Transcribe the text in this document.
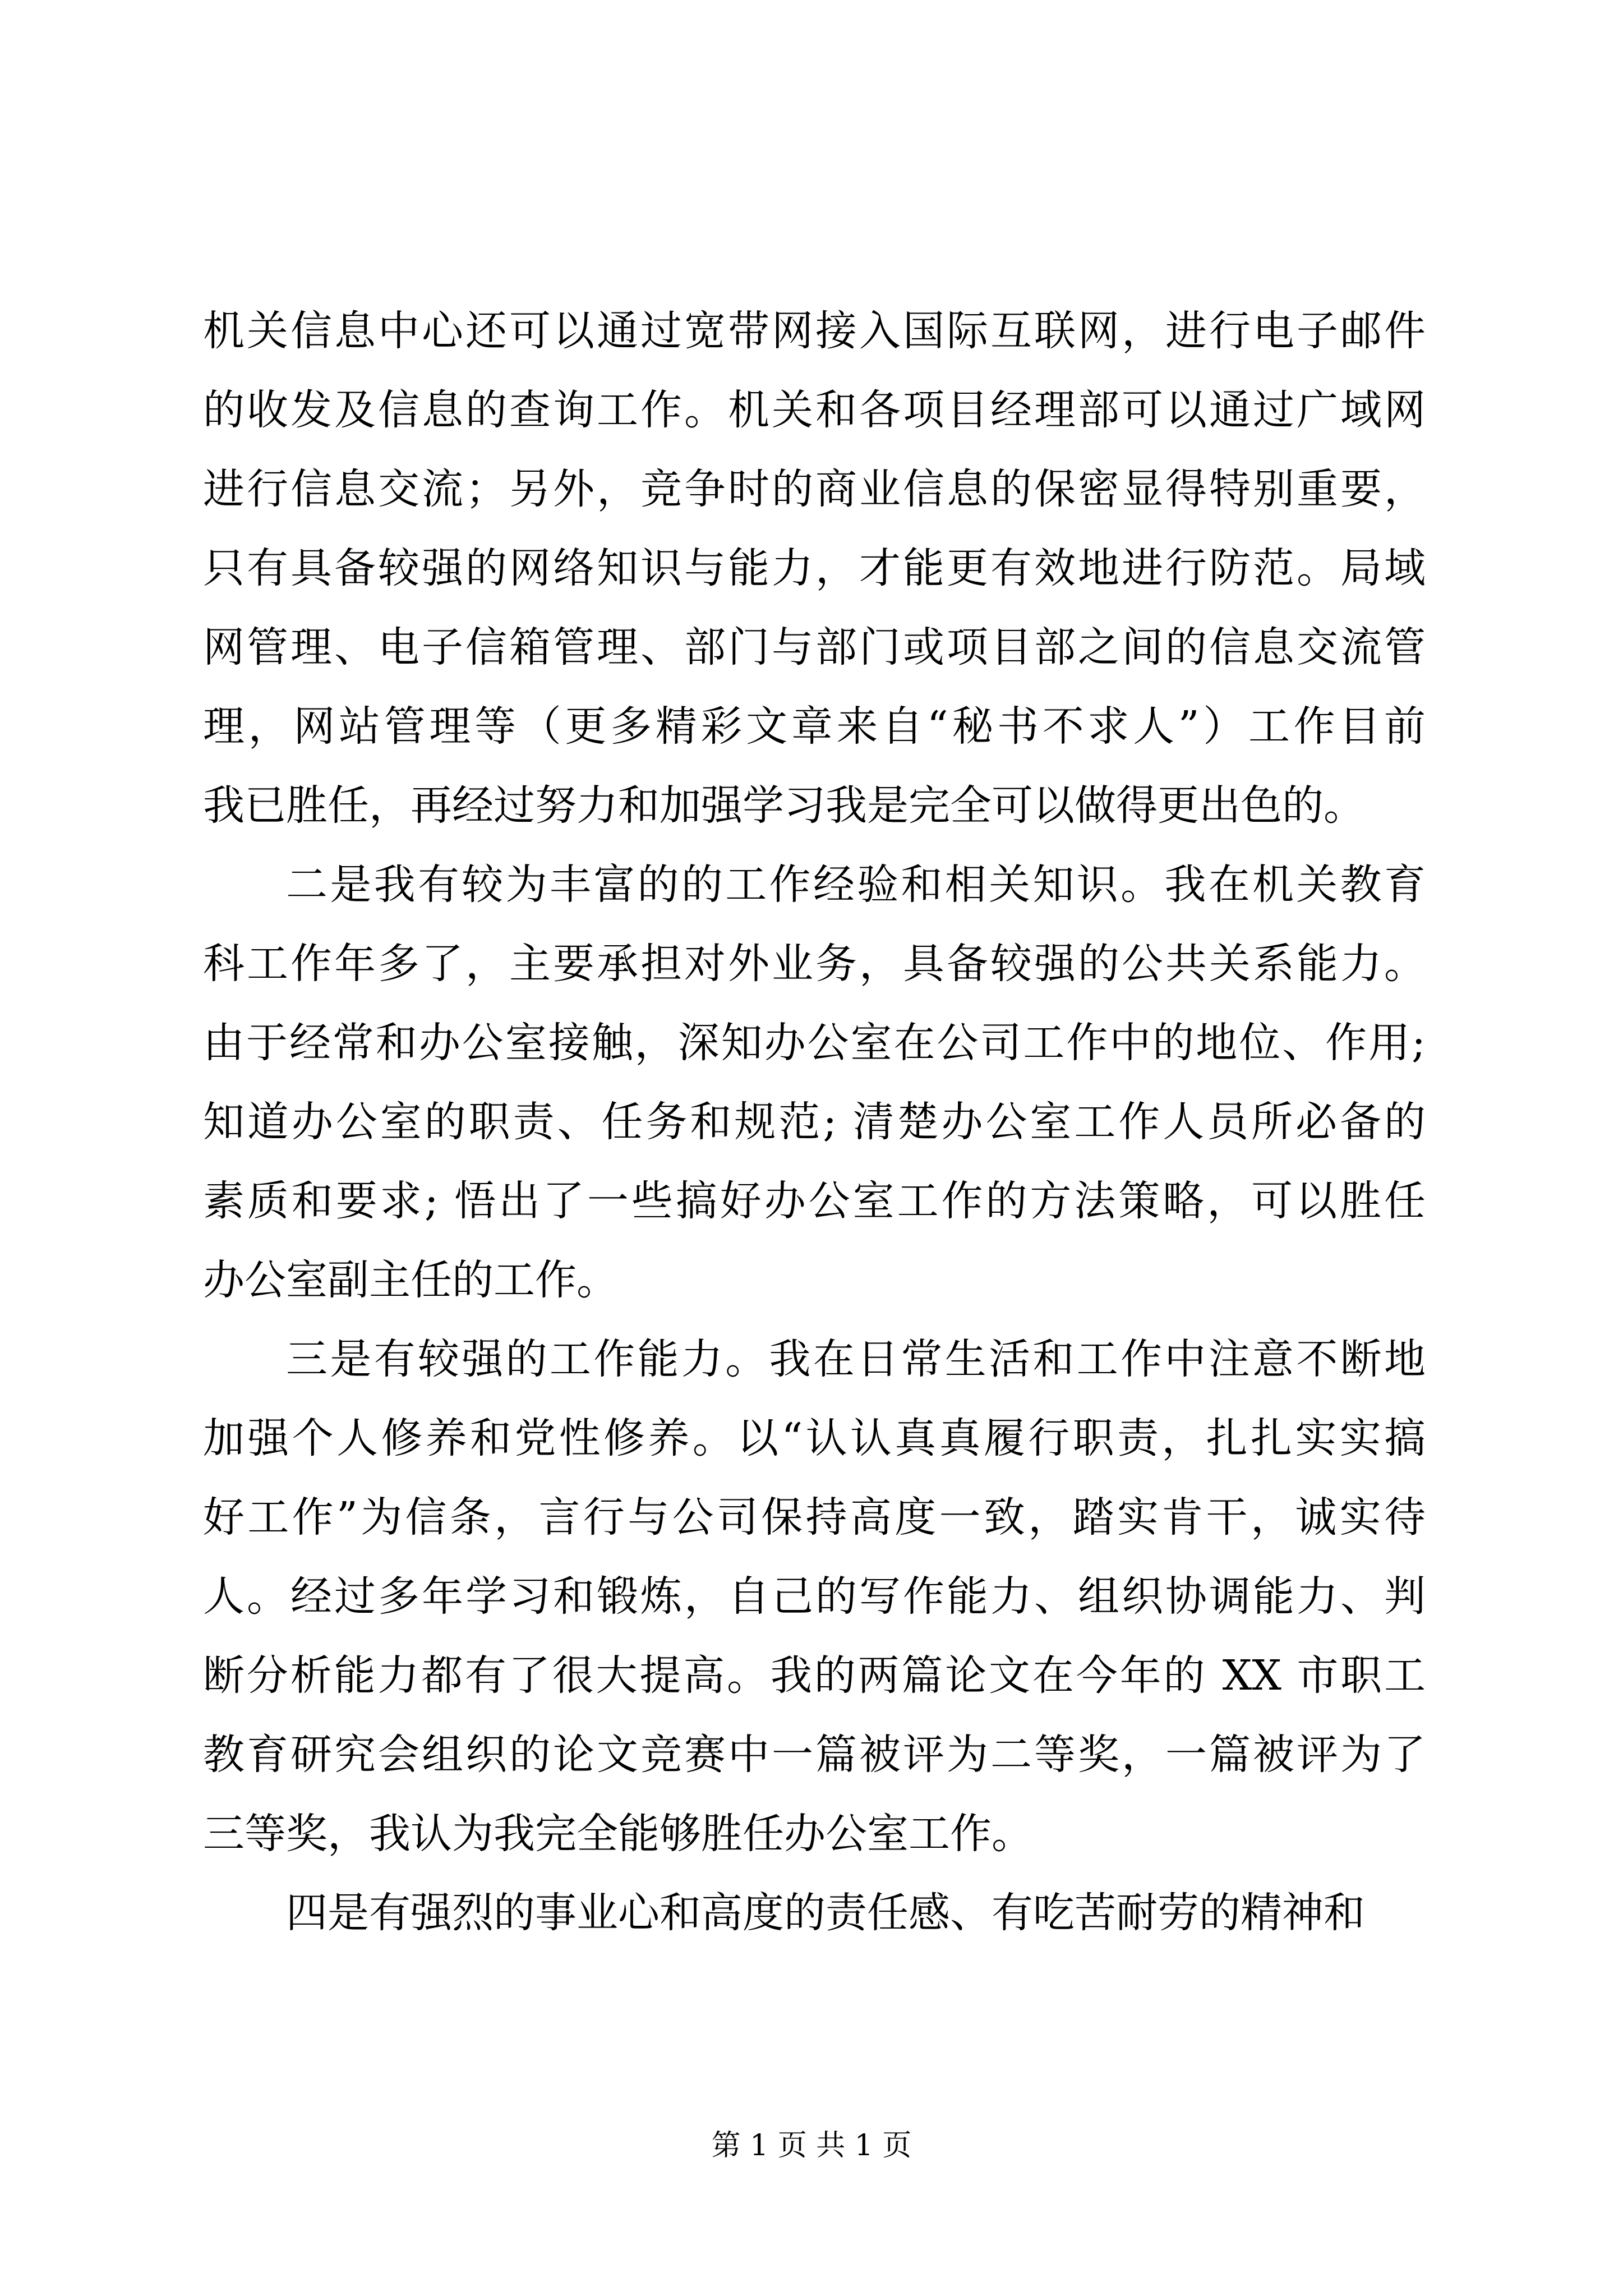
机关信息中心还可以通过宽带网接入国际互联网，进行电子邮件
的收发及信息的查询工作。机关和各项目经理部可以通过广域网
进行信息交流；另外，竞争时的商业信息的保密显得特别重要，
只有具备较强的网络知识与能力，才能更有效地进行防范。局域
网管理、电子信箱管理、部门与部门或项目部之间的信息交流管
理，网站管理等（更多精彩文章来自“秘书不求人”）工作目前
我已胜任，再经过努力和加强学习我是完全可以做得更出色的。
二是我有较为丰富的的工作经验和相关知识。我在机关教育
科工作年多了，主要承担对外业务，具备较强的公共关系能力。
由于经常和办公室接触，深知办公室在公司工作中的地位、作用;
知道办公室的职责、任务和规范; 清楚办公室工作人员所必备的
素质和要求; 悟出了一些搞好办公室工作的方法策略，可以胜任
办公室副主任的工作。
三是有较强的工作能力。我在日常生活和工作中注意不断地
加强个人修养和党性修养。以“认认真真履行职责，扎扎实实搞
好工作”为信条，言行与公司保持高度一致，踏实肯干，诚实待
人。经过多年学习和锻炼，自己的写作能力、组织协调能力、判
断分析能力都有了很大提高。我的两篇论文在今年的 XX 市职工
教育研究会组织的论文竞赛中一篇被评为二等奖，一篇被评为了
三等奖，我认为我完全能够胜任办公室工作。
四是有强烈的事业心和高度的责任感、有吃苦耐劳的精神和
第 1 页 共 1 页
